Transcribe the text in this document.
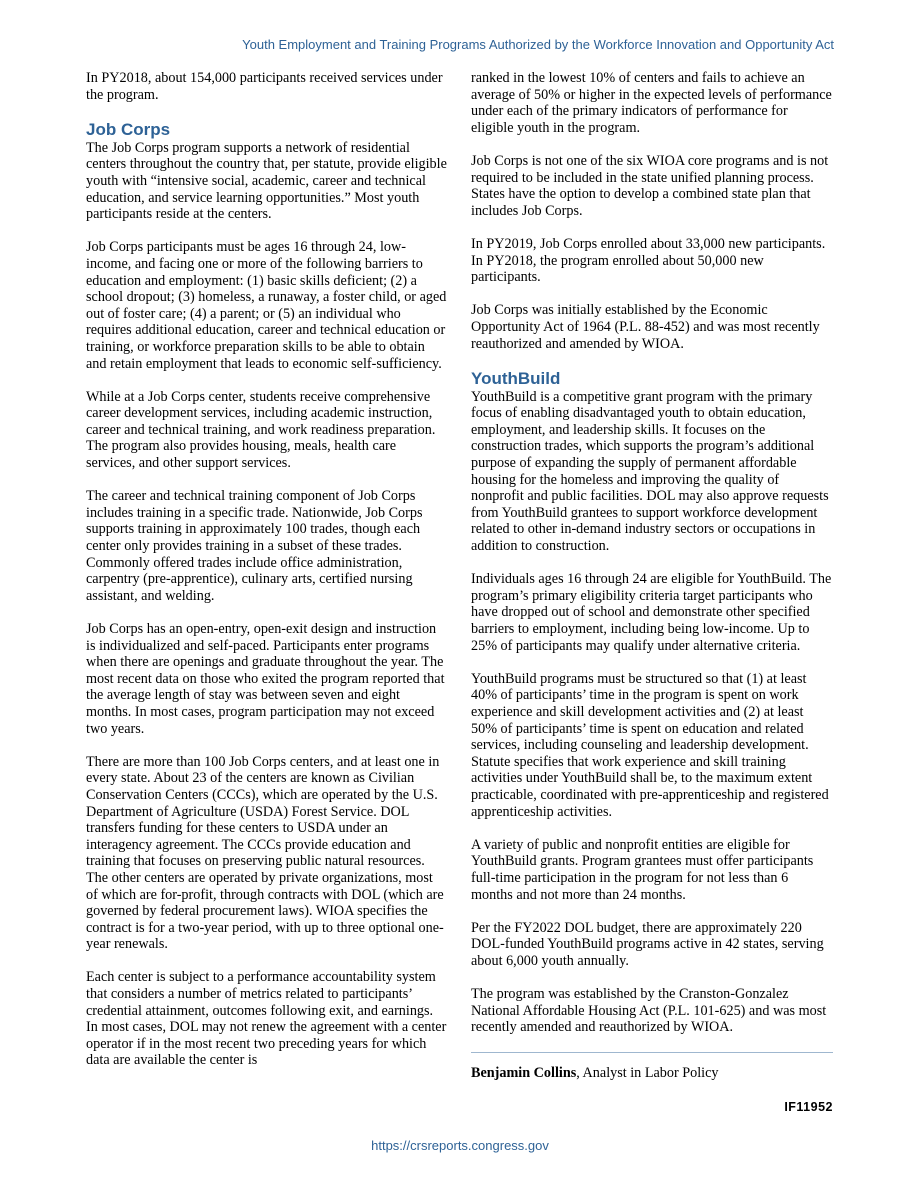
Youth Employment and Training Programs Authorized by the Workforce Innovation and Opportunity Act

In PY2018, about 154,000 participants received services under the program.

Job Corps

The Job Corps program supports a network of residential centers throughout the country that, per statute, provide eligible youth with “intensive social, academic, career and technical education, and service learning opportunities.” Most youth participants reside at the centers.

Job Corps participants must be ages 16 through 24, low-income, and facing one or more of the following barriers to education and employment: (1) basic skills deficient; (2) a school dropout; (3) homeless, a runaway, a foster child, or aged out of foster care; (4) a parent; or (5) an individual who requires additional education, career and technical education or training, or workforce preparation skills to be able to obtain and retain employment that leads to economic self-sufficiency.

While at a Job Corps center, students receive comprehensive career development services, including academic instruction, career and technical training, and work readiness preparation. The program also provides housing, meals, health care services, and other support services.

The career and technical training component of Job Corps includes training in a specific trade. Nationwide, Job Corps supports training in approximately 100 trades, though each center only provides training in a subset of these trades. Commonly offered trades include office administration, carpentry (pre-apprentice), culinary arts, certified nursing assistant, and welding.

Job Corps has an open-entry, open-exit design and instruction is individualized and self-paced. Participants enter programs when there are openings and graduate throughout the year. The most recent data on those who exited the program reported that the average length of stay was between seven and eight months. In most cases, program participation may not exceed two years.

There are more than 100 Job Corps centers, and at least one in every state. About 23 of the centers are known as Civilian Conservation Centers (CCCs), which are operated by the U.S. Department of Agriculture (USDA) Forest Service. DOL transfers funding for these centers to USDA under an interagency agreement. The CCCs provide education and training that focuses on preserving public natural resources. The other centers are operated by private organizations, most of which are for-profit, through contracts with DOL (which are governed by federal procurement laws). WIOA specifies the contract is for a two-year period, with up to three optional one-year renewals.

Each center is subject to a performance accountability system that considers a number of metrics related to participants’ credential attainment, outcomes following exit, and earnings. In most cases, DOL may not renew the agreement with a center operator if in the most recent two preceding years for which data are available the center is

ranked in the lowest 10% of centers and fails to achieve an average of 50% or higher in the expected levels of performance under each of the primary indicators of performance for eligible youth in the program.

Job Corps is not one of the six WIOA core programs and is not required to be included in the state unified planning process. States have the option to develop a combined state plan that includes Job Corps.

In PY2019, Job Corps enrolled about 33,000 new participants. In PY2018, the program enrolled about 50,000 new participants.

Job Corps was initially established by the Economic Opportunity Act of 1964 (P.L. 88-452) and was most recently reauthorized and amended by WIOA.

YouthBuild

YouthBuild is a competitive grant program with the primary focus of enabling disadvantaged youth to obtain education, employment, and leadership skills. It focuses on the construction trades, which supports the program’s additional purpose of expanding the supply of permanent affordable housing for the homeless and improving the quality of nonprofit and public facilities. DOL may also approve requests from YouthBuild grantees to support workforce development related to other in-demand industry sectors or occupations in addition to construction.

Individuals ages 16 through 24 are eligible for YouthBuild. The program’s primary eligibility criteria target participants who have dropped out of school and demonstrate other specified barriers to employment, including being low-income. Up to 25% of participants may qualify under alternative criteria.

YouthBuild programs must be structured so that (1) at least 40% of participants’ time in the program is spent on work experience and skill development activities and (2) at least 50% of participants’ time is spent on education and related services, including counseling and leadership development. Statute specifies that work experience and skill training activities under YouthBuild shall be, to the maximum extent practicable, coordinated with pre-apprenticeship and registered apprenticeship activities.

A variety of public and nonprofit entities are eligible for YouthBuild grants. Program grantees must offer participants full-time participation in the program for not less than 6 months and not more than 24 months.

Per the FY2022 DOL budget, there are approximately 220 DOL-funded YouthBuild programs active in 42 states, serving about 6,000 youth annually.

The program was established by the Cranston-Gonzalez National Affordable Housing Act (P.L. 101-625) and was most recently amended and reauthorized by WIOA.

Benjamin Collins, Analyst in Labor Policy

IF11952
https://crsreports.congress.gov
